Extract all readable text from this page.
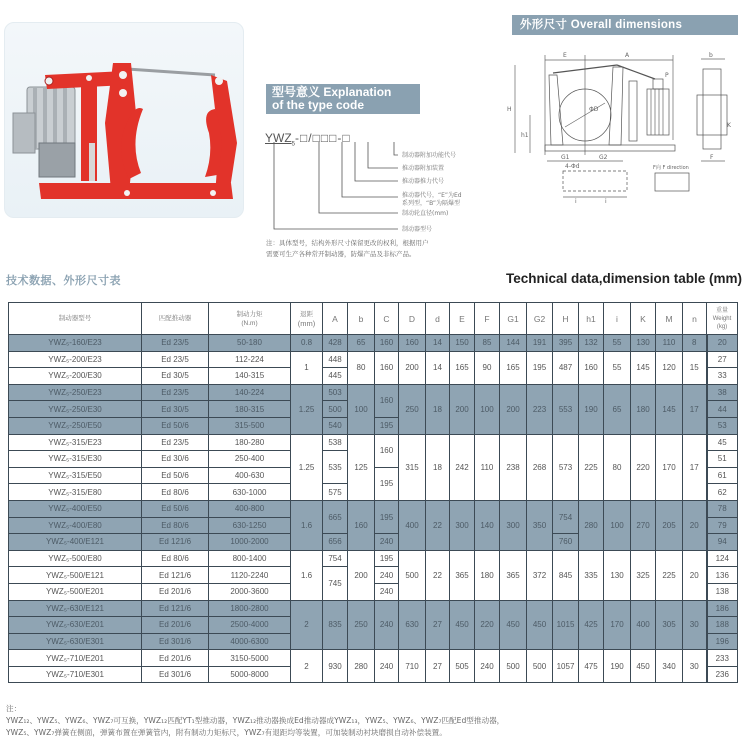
型号意义 Explanation
of the type code
$YWZ_5-□/□□□-□$
制动器附加功能代号
推动器附加装置
推动器推力代号
推动器代号，“E”为Ed
系列型，“B”为隔爆型
制动轮直径(mm)
制动器型号
注：具体型号，结构外形尺寸保留更改的权利，根据用户
需要可生产各种常开制动器，防爆产品及非标产品。
外形尺寸 Overall dimensions
E	A
H
h1
ΦD
P
G1	G2
b
F
K
4-Φd
i	i
F向 F direction
技术数据、外形尺寸表	Technical data,dimension table (mm)
制动器型号	匹配推动器	
制动力矩
(N.m)

退距
(mm)	A	b	C	D	d	E	F	G1	G2	H	h1	i	K	M	n	
重量
Weight
(kg)

YWZ₅-160/E23	Ed 23/5	50-180	0.8	428	65	160	160	14	150	85	144	191	395	132	55	130	110	8	20
YWZ₅-200/E23	Ed 23/5	112-224	1	448	80	160	200	14	165	90	165	195	487	160	55	145	120	15	27
YWZ₅-200/E30	Ed 30/5	140-315		445															33
YWZ₅-250/E23	Ed 23/5	140-224	1.25	503	100	160	250	18	200	100	200	223	553	190	65	180	145	17	38
YWZ₅-250/E30	Ed 30/5	180-315		500															44
YWZ₅-250/E50	Ed 50/6	315-500		540		195													53
YWZ₅-315/E23	Ed 23/5	180-280	1.25	538	125	160	315	18	242	110	238	268	573	225	80	220	170	17	45
YWZ₅-315/E30	Ed 30/6	250-400		535															51
YWZ₅-315/E50	Ed 50/6	400-630				195													61
YWZ₅-315/E80	Ed 80/6	630-1000		575															62
YWZ₅-400/E50	Ed 50/6	400-800	1.6	665	160	195	400	22	300	140	300	350	754	280	100	270	205	20	78
YWZ₅-400/E80	Ed 80/6	630-1250																	79
YWZ₅-400/E121	Ed 121/6	1000-2000		656		240							760						94
YWZ₅-500/E80	Ed 80/6	800-1400	1.6	754	200	195	500	22	365	180	365	372	845	335	130	325	225	20	124
YWZ₅-500/E121	Ed 121/6	1120-2240		745		240													136
YWZ₅-500/E201	Ed 201/6	2000-3600				240													138
YWZ₅-630/E121	Ed 121/6	1800-2800	2	835	250	240	630	27	450	220	450	450	1015	425	170	400	305	30	186
YWZ₅-630/E201	Ed 201/6	2500-4000																	188
YWZ₅-630/E301	Ed 301/6	4000-6300																	196
YWZ₅-710/E201	Ed 201/6	3150-5000	2	930	280	240	710	27	505	240	500	500	1057	475	190	450	340	30	233
YWZ₅-710/E301	Ed 301/6	5000-8000																	236
注：
YWZ₁₂、YWZ₅、YWZ₆、YWZ₇可互换，YWZ₁₂匹配YT₁型推动器，YWZ₁₂推动器换成Ed推动器成YWZ₁₃，YWZ₅、YWZ₆、YWZ₇匹配Ed型推动器，
YWZ₅、YWZ₇弹簧在侧面，弹簧布置在弹簧管内，附有制动力矩标尺，YWZ₇有退距均等装置，可加装制动衬块磨损自动补偿装置。
